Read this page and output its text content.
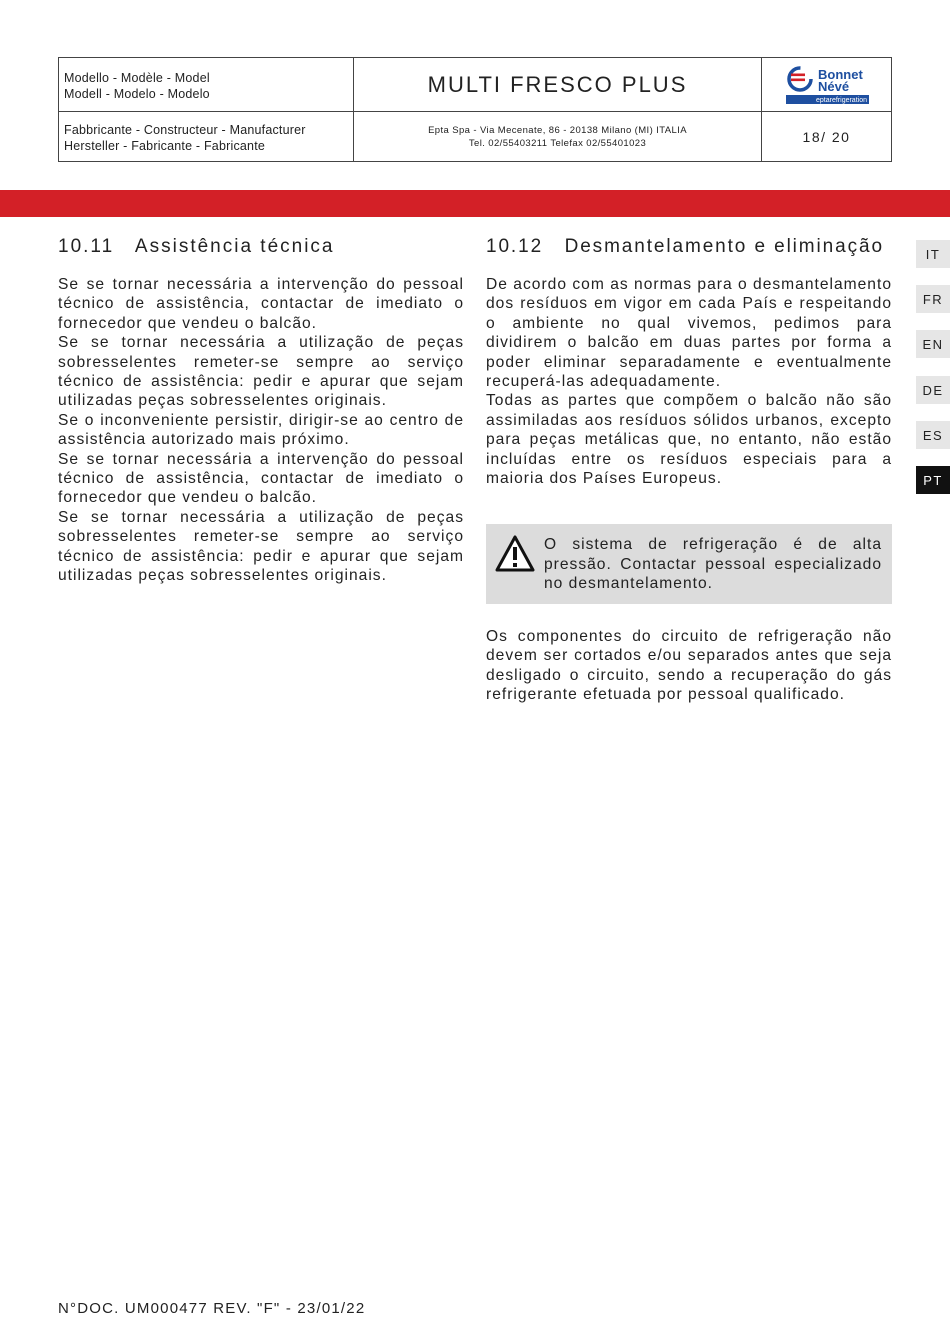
Modello - Modèle - Model
Modell - Modelo - Modelo
Fabbricante - Constructeur - Manufacturer
Hersteller - Fabricante - Fabricante
MULTI FRESCO PLUS
Epta Spa - Via Mecenate, 86 - 20138 Milano (MI) ITALIA
Tel. 02/55403211 Telefax 02/55401023
Bonnet
Névé
eptarefrigeration
18/ 20
10.11   Assistência técnica

Se se tornar necessária a intervenção do pessoal técnico de assistência, contactar de imediato o fornecedor que vendeu o balcão.

Se se tornar necessária a utilização de peças sobresselentes remeter-se sempre ao serviço técnico de assistência: pedir e apurar que sejam utilizadas peças sobresselentes originais.

Se o inconveniente persistir, dirigir-se ao centro de assistência autorizado mais próximo.

Se se tornar necessária a intervenção do pessoal técnico de assistência, contactar de imediato o fornecedor que vendeu o balcão.

Se se tornar necessária a utilização de peças sobresselentes remeter-se sempre ao serviço técnico de assistência: pedir e apurar que sejam utilizadas peças sobresselentes originais.

10.12   Desmantelamento e eliminação

De acordo com as normas para o desmantelamento dos resíduos em vigor em cada País e respeitando o ambiente no qual vivemos, pedimos para dividirem o balcão em duas partes por forma a poder eliminar separadamente e eventualmente recuperá-las adequadamente.

Todas as partes que compõem o balcão não são assimiladas aos resíduos sólidos urbanos, excepto para peças metálicas que, no entanto, não estão incluídas entre os resíduos especiais para a maioria dos Países Europeus.

O sistema de refrigeração é de alta pressão. Contactar pessoal especializado no desmantelamento.

Os componentes do circuito de refrigeração não devem ser cortados e/ou separados antes que seja desligado o circuito, sendo a recuperação do gás refrigerante efetuada por pessoal qualificado.

IT
FR
EN
DE
ES
PT
N°DOC. UM000477 REV. "F" - 23/01/22
